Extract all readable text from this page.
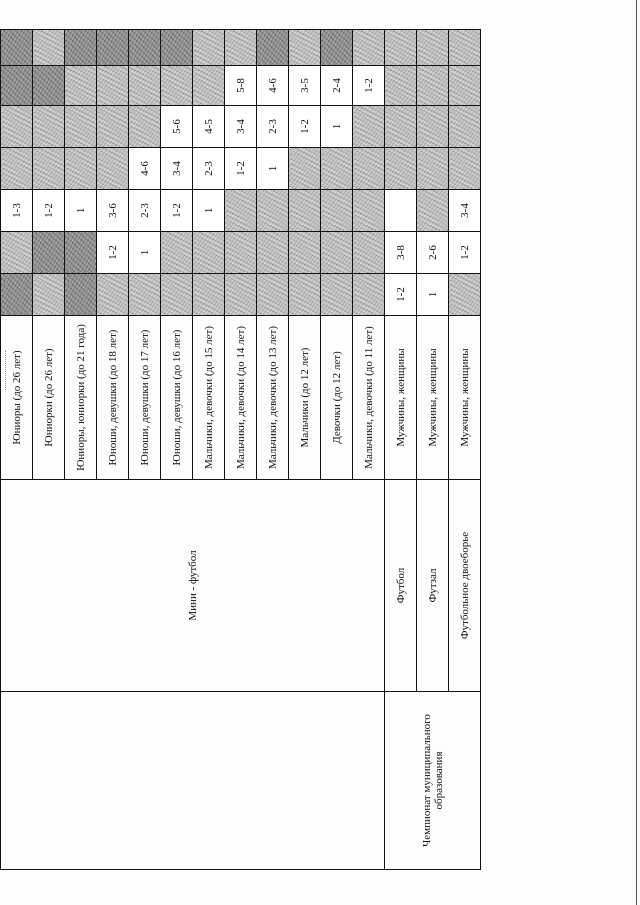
	Мини - футбол	Юниоры (до 26 лет)			1-3				
		Юниорки (до 26 лет)			1-2				
		Юниоры, юниорки (до 21 года)			1				
		Юноши, девушки (до 18 лет)		1-2	3-6				
		Юноши, девушки (до 17 лет)		1	2-3	4-6			
		Юноши, девушки (до 16 лет)			1-2	3-4	5-6		
		Мальчики, девочки (до 15 лет)			1	2-3	4-5		
		Мальчики, девочки (до 14 лет)				1-2	3-4	5-8	
		Мальчики, девочки (до 13 лет)				1	2-3	4-6	
		Мальчики (до 12 лет)					1-2	3-5	
		Девочки (до 12 лет)					1	2-4	
		Мальчики, девочки (до 11 лет)						1-2	
Чемпионат муниципального образования	Футбол	Мужчины, женщины	1-2	3-8					
	Футзал	Мужчины, женщины	1	2-6					
	Футбольное двоеборье	Мужчины, женщины		1-2	3-4				
